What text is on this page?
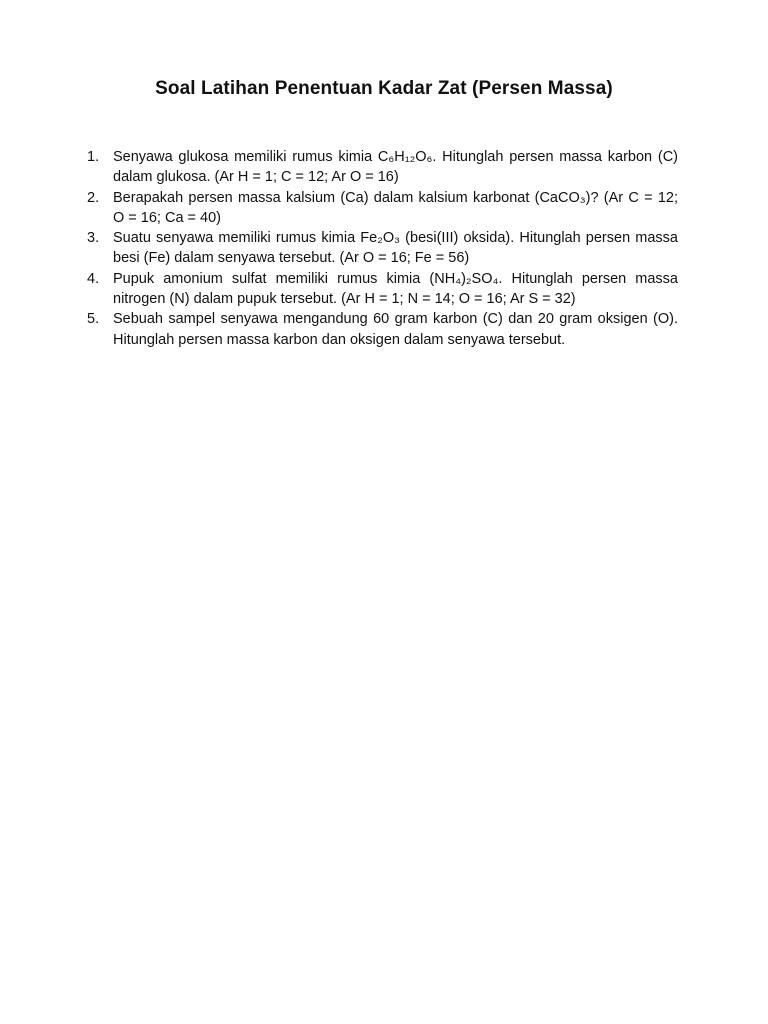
Soal Latihan Penentuan Kadar Zat (Persen Massa)
1. Senyawa glukosa memiliki rumus kimia C₆H₁₂O₆. Hitunglah persen massa karbon (C) dalam glukosa. (Ar H = 1; C = 12; Ar O = 16)
2. Berapakah persen massa kalsium (Ca) dalam kalsium karbonat (CaCO₃)? (Ar C = 12; O = 16; Ca = 40)
3. Suatu senyawa memiliki rumus kimia Fe₂O₃ (besi(III) oksida). Hitunglah persen massa besi (Fe) dalam senyawa tersebut. (Ar O = 16; Fe = 56)
4. Pupuk amonium sulfat memiliki rumus kimia (NH₄)₂SO₄. Hitunglah persen massa nitrogen (N) dalam pupuk tersebut. (Ar H = 1; N = 14; O = 16; Ar S = 32)
5. Sebuah sampel senyawa mengandung 60 gram karbon (C) dan 20 gram oksigen (O). Hitunglah persen massa karbon dan oksigen dalam senyawa tersebut.
